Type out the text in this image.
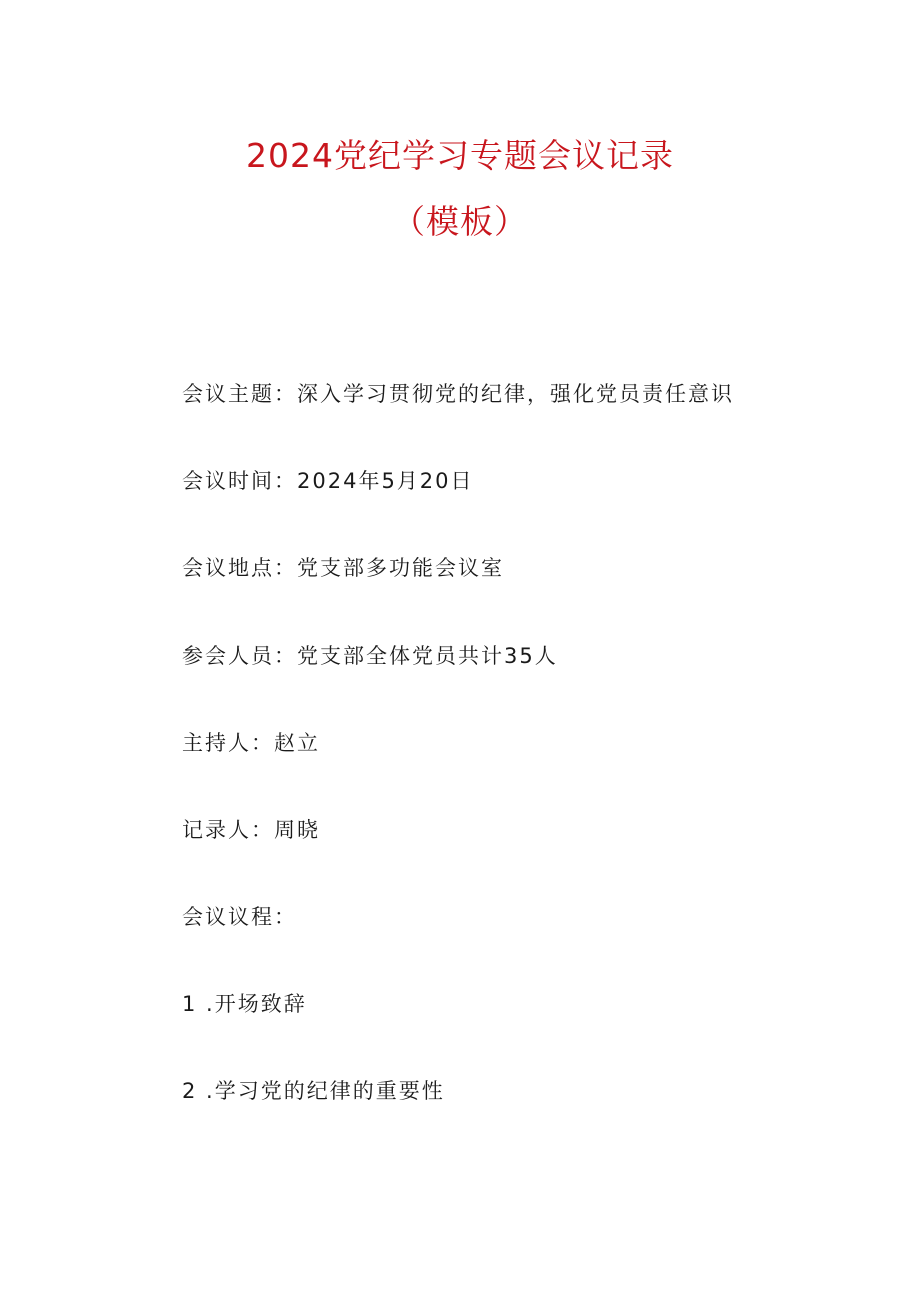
2024党纪学习专题会议记录
（模板）

会议主题：深入学习贯彻党的纪律，强化党员责任意识

会议时间：2024年5月20日

会议地点：党支部多功能会议室

参会人员：党支部全体党员共计35人

主持人：赵立

记录人：周晓

会议议程：

1 .开场致辞

2 .学习党的纪律的重要性
